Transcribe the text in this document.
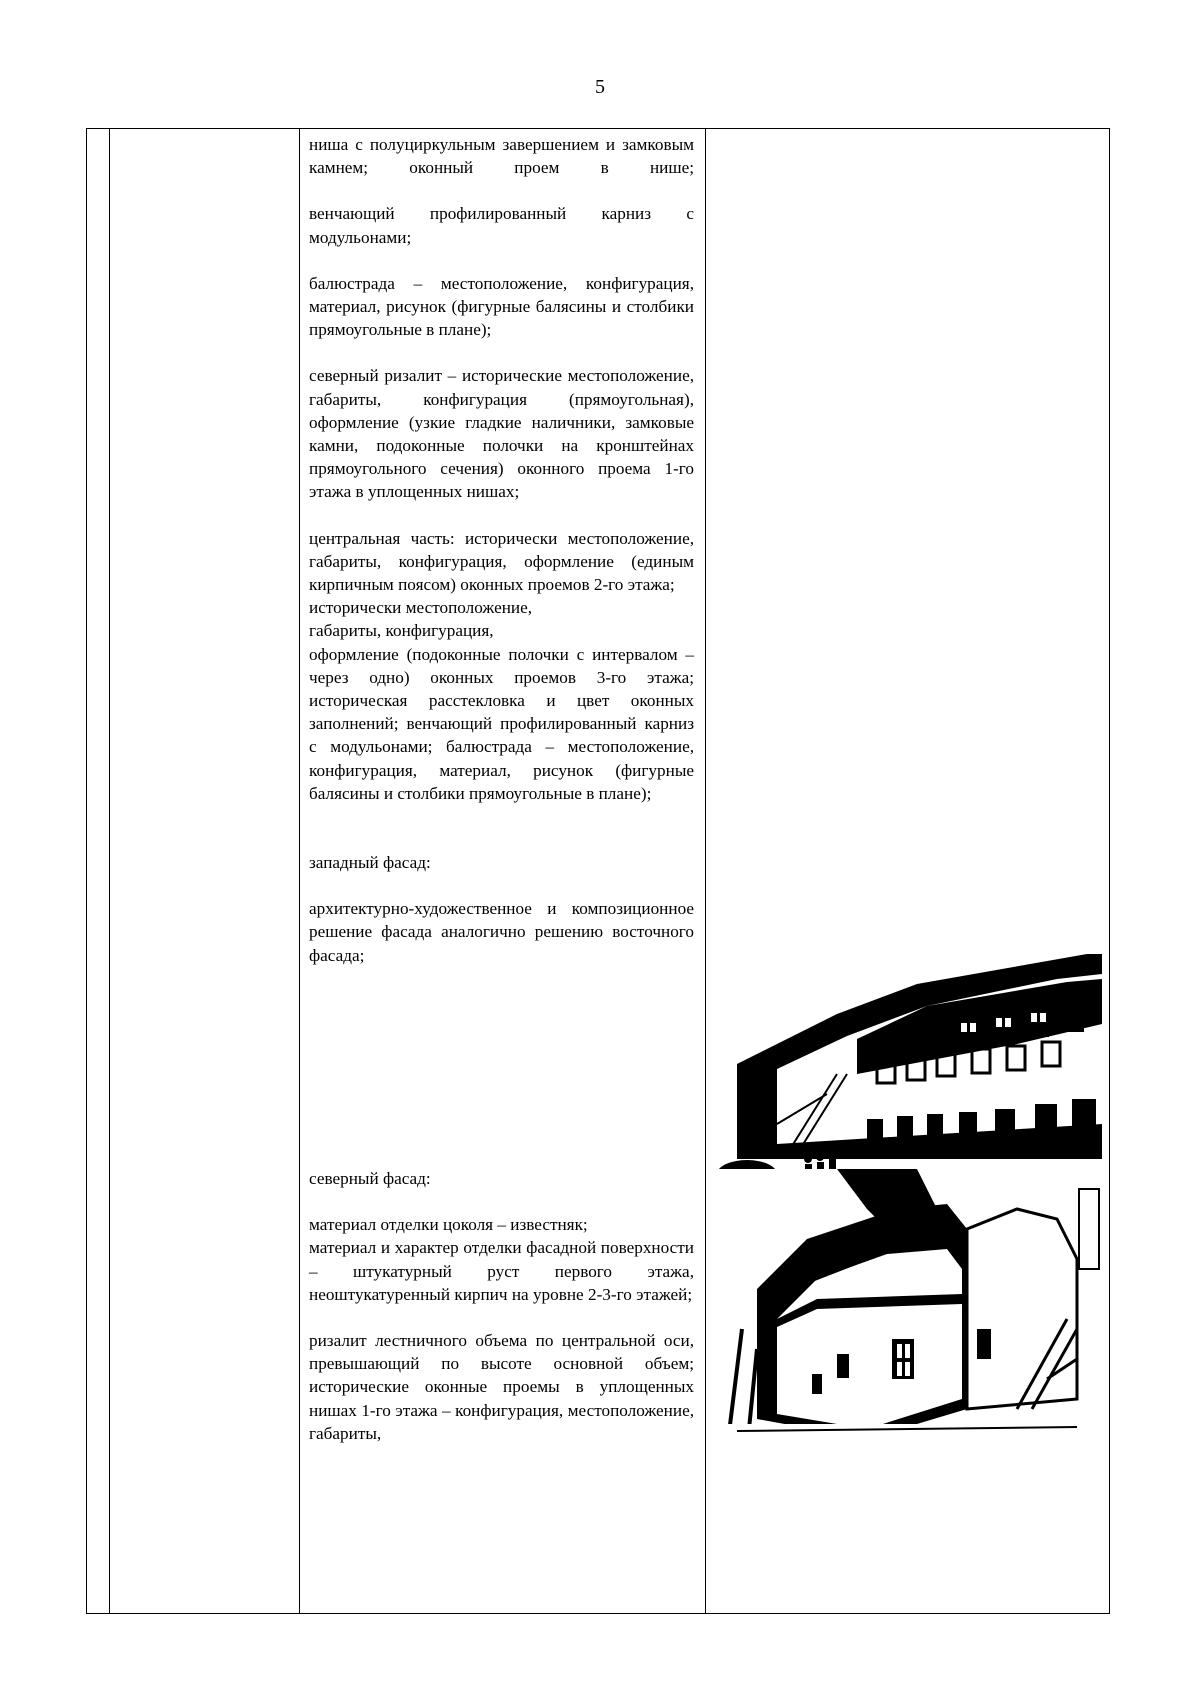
5

ниша с полуциркульным завершением и замковым камнем; оконный проем в нише;

венчающий профилированный карниз с модульонами;

балюстрада – местоположение, конфигурация, материал, рисунок (фигурные балясины и столбики прямоугольные в плане);

северный ризалит – исторические местоположение, габариты, конфигурация (прямоугольная), оформление (узкие гладкие наличники, замковые камни, подоконные полочки на кронштейнах прямоугольного сечения) оконного проема 1-го этажа в уплощенных нишах;

центральная часть: исторически местоположение, габариты, конфигурация, оформление (единым кирпичным поясом) оконных проемов 2-го этажа;

исторически местоположение,

габариты, конфигурация,

оформление (подоконные полочки с интервалом – через одно) оконных проемов 3-го этажа; историческая расстекловка и цвет оконных заполнений; венчающий профилированный карниз с модульонами; балюстрада – местоположение, конфигурация, материал, рисунок (фигурные балясины и столбики прямоугольные в плане);

западный фасад:

архитектурно-художественное и композиционное решение фасада аналогично решению восточного фасада;

северный фасад:

материал отделки цоколя – известняк;

материал и характер отделки фасадной поверхности – штукатурный руст первого этажа, неоштукатуренный кирпич на уровне 2-3-го этажей;

ризалит лестничного объема по центральной оси, превышающий по высоте основной объем; исторические оконные проемы в уплощенных нишах 1-го этажа – конфигурация, местоположение, габариты,
